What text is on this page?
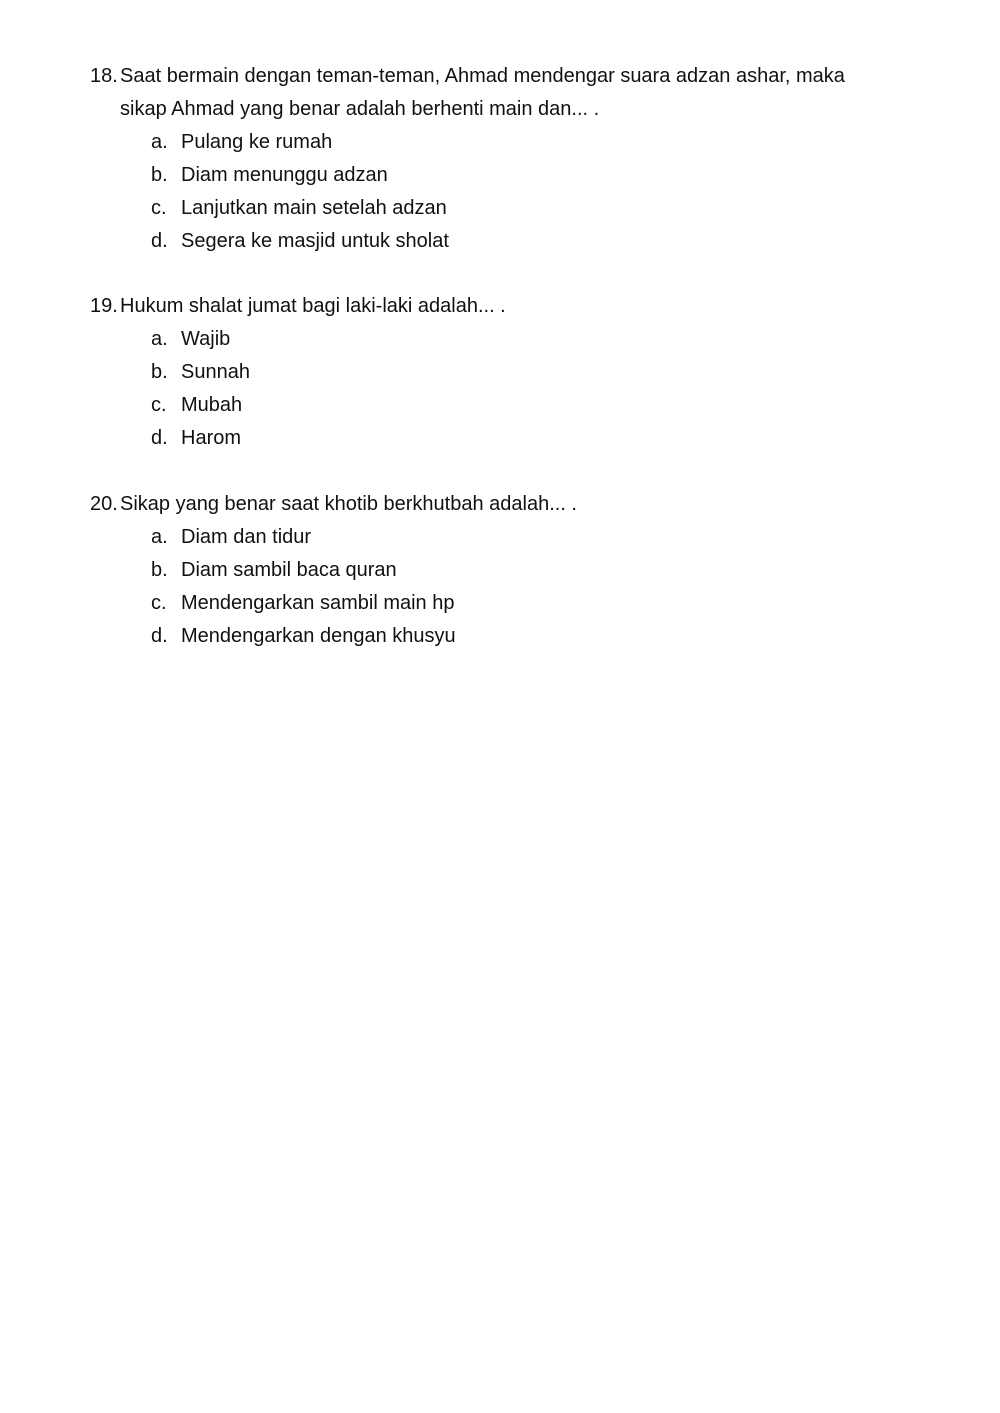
18. Saat bermain dengan teman-teman, Ahmad mendengar suara adzan ashar, maka
sikap Ahmad yang benar adalah berhenti main dan... .
a. Pulang ke rumah
b. Diam menunggu adzan
c. Lanjutkan main setelah adzan
d. Segera ke masjid untuk sholat
19. Hukum shalat jumat bagi laki-laki adalah... .
a. Wajib
b. Sunnah
c. Mubah
d. Harom
20. Sikap yang benar saat khotib berkhutbah adalah... .
a. Diam dan tidur
b. Diam sambil baca quran
c. Mendengarkan sambil main hp
d. Mendengarkan dengan khusyu
